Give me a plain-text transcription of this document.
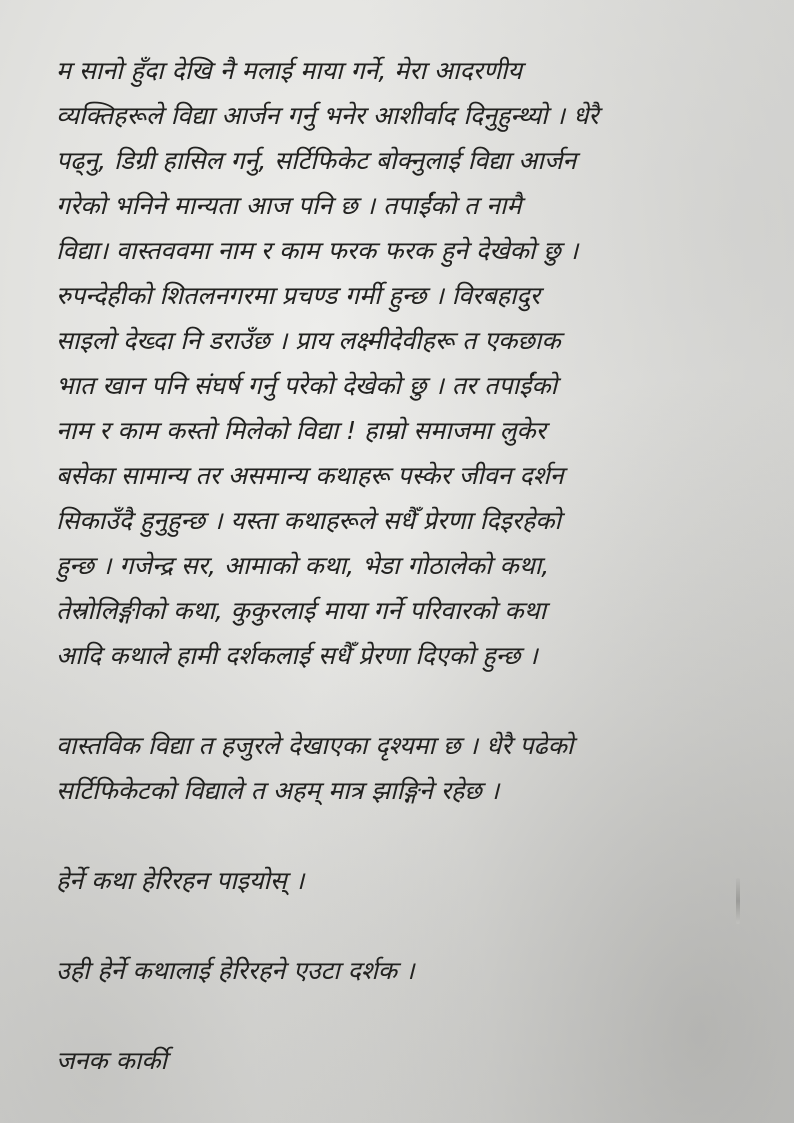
म सानो हुँदा देखि नै मलाई माया गर्ने, मेरा आदरणीय
व्यक्तिहरूले विद्या आर्जन गर्नु भनेर आशीर्वाद दिनुहुन्थ्यो । धेरै
पढ्नु, डिग्री हासिल गर्नु, सर्टिफिकेट बोक्नुलाई विद्या आर्जन
गरेको भनिने मान्यता आज पनि छ । तपाईंको त नामै
विद्या। वास्तववमा नाम र काम फरक फरक हुने देखेको छु ।
रुपन्देहीको शितलनगरमा प्रचण्ड गर्मी हुन्छ । विरबहादुर
साइलो देख्दा नि डराउँछ । प्राय लक्ष्मीदेवीहरू त एकछाक
भात खान पनि संघर्ष गर्नु परेको देखेको छु । तर तपाईंको
नाम र काम कस्तो मिलेको विद्या ! हाम्रो समाजमा लुकेर
बसेका सामान्य तर असमान्य कथाहरू पस्केर जीवन दर्शन
सिकाउँदै हुनुहुन्छ । यस्ता कथाहरूले सधैँ प्रेरणा दिइरहेको
हुन्छ । गजेन्द्र सर, आमाको कथा, भेडा गोठालेको कथा,
तेस्रोलिङ्गीको कथा, कुकुरलाई माया गर्ने परिवारको कथा
आदि कथाले हामी दर्शकलाई सधैँ प्रेरणा दिएको हुन्छ ।

वास्तविक विद्या त हजुरले देखाएका दृश्यमा छ । धेरै पढेको
सर्टिफिकेटको विद्याले त अहम् मात्र झाङ्गिने रहेछ ।

हेर्ने कथा हेरिरहन पाइयोस् ।

उही हेर्ने कथालाई हेरिरहने एउटा दर्शक ।

जनक कार्की
